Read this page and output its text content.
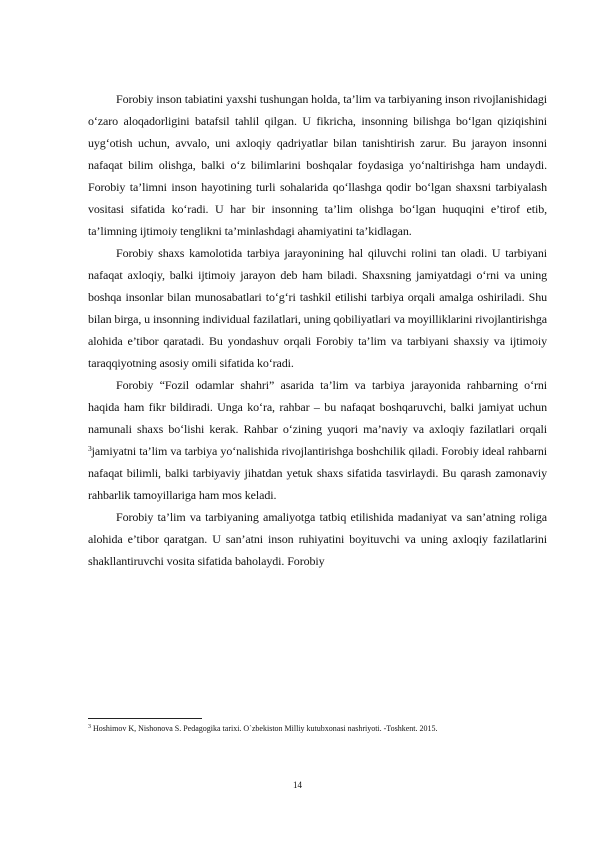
Forobiy inson tabiatini yaxshi tushungan holda, ta’lim va tarbiyaning inson rivojlanishidagi o‘zaro aloqadorligini batafsil tahlil qilgan. U fikricha, insonning bilishga bo‘lgan qiziqishini uyg‘otish uchun, avvalo, uni axloqiy qadriyatlar bilan tanishtirish zarur. Bu jarayon insonni nafaqat bilim olishga, balki o‘z bilimlarini boshqalar foydasiga yo‘naltirishga ham undaydi. Forobiy ta’limni inson hayotining turli sohalarida qo‘llashga qodir bo‘lgan shaxsni tarbiyalash vositasi sifatida ko‘radi. U har bir insonning ta’lim olishga bo‘lgan huquqini e’tirof etib, ta’limning ijtimoiy tenglikni ta’minlashdagi ahamiyatini ta’kidlagan.

Forobiy shaxs kamolotida tarbiya jarayonining hal qiluvchi rolini tan oladi. U tarbiyani nafaqat axloqiy, balki ijtimoiy jarayon deb ham biladi. Shaxsning jamiyatdagi o‘rni va uning boshqa insonlar bilan munosabatlari to‘g‘ri tashkil etilishi tarbiya orqali amalga oshiriladi. Shu bilan birga, u insonning individual fazilatlari, uning qobiliyatlari va moyilliklarini rivojlantirishga alohida e’tibor qaratadi. Bu yondashuv orqali Forobiy ta’lim va tarbiyani shaxsiy va ijtimoiy taraqqiyotning asosiy omili sifatida ko‘radi.

Forobiy “Fozil odamlar shahri” asarida ta’lim va tarbiya jarayonida rahbarning o‘rni haqida ham fikr bildiradi. Unga ko‘ra, rahbar – bu nafaqat boshqaruvchi, balki jamiyat uchun namunali shaxs bo‘lishi kerak. Rahbar o‘zining yuqori ma’naviy va axloqiy fazilatlari orqali $^3$jamiyatni ta’lim va tarbiya yo‘nalishida rivojlantirishga boshchilik qiladi. Forobiy ideal rahbarni nafaqat bilimli, balki tarbiyaviy jihatdan yetuk shaxs sifatida tasvirlaydi. Bu qarash zamonaviy rahbarlik tamoyillariga ham mos keladi.

Forobiy ta’lim va tarbiyaning amaliyotga tatbiq etilishida madaniyat va san’atning roliga alohida e’tibor qaratgan. U san’atni inson ruhiyatini boyituvchi va uning axloqiy fazilatlarini shakllantiruvchi vosita sifatida baholaydi. Forobiy

$^3$ Hoshimov K, Nishonova S. Pedagogika tarixi. O`zbekiston Milliy kutubxonasi nashriyoti. -Toshkent. 2015.
14
